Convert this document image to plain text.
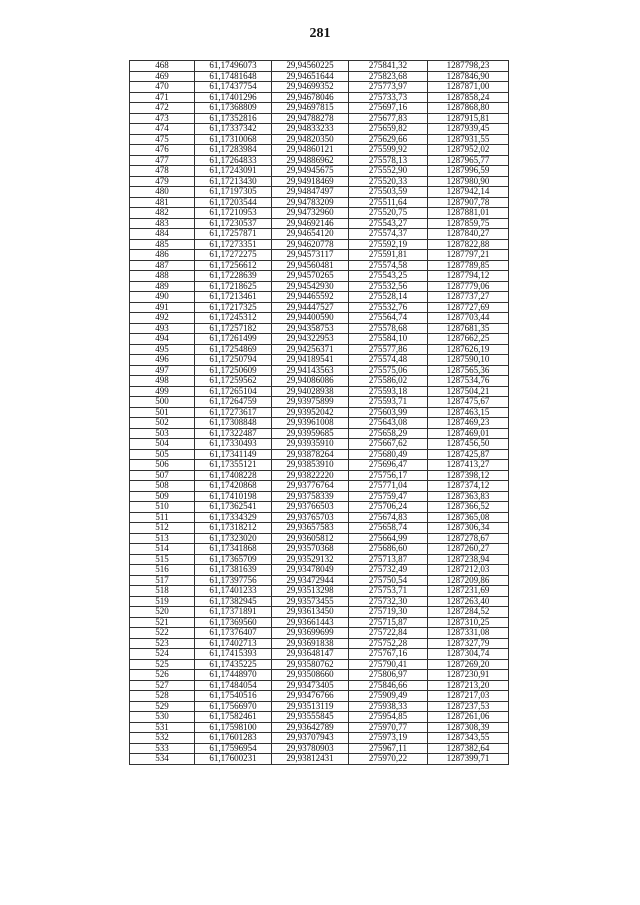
281
468	61,17496073	29,94560225	275841,32	1287798,23
469	61,17481648	29,94651644	275823,68	1287846,90
470	61,17437754	29,94699352	275773,97	1287871,00
471	61,17401296	29,94678046	275733,73	1287858,24
472	61,17368809	29,94697815	275697,16	1287868,80
473	61,17352816	29,94788278	275677,83	1287915,81
474	61,17337342	29,94833233	275659,82	1287939,45
475	61,17310068	29,94820350	275629,66	1287931,55
476	61,17283984	29,94860121	275599,92	1287952,02
477	61,17264833	29,94886962	275578,13	1287965,77
478	61,17243091	29,94945675	275552,90	1287996,59
479	61,17213430	29,94918469	275520,33	1287980,90
480	61,17197305	29,94847497	275503,59	1287942,14
481	61,17203544	29,94783209	275511,64	1287907,78
482	61,17210953	29,94732960	275520,75	1287881,01
483	61,17230537	29,94692146	275543,27	1287859,75
484	61,17257871	29,94654120	275574,37	1287840,27
485	61,17273351	29,94620778	275592,19	1287822,88
486	61,17272275	29,94573117	275591,81	1287797,21
487	61,17256612	29,94560481	275574,58	1287789,85
488	61,17228639	29,94570265	275543,25	1287794,12
489	61,17218625	29,94542930	275532,56	1287779,06
490	61,17213461	29,94465592	275528,14	1287737,27
491	61,17217325	29,94447527	275532,76	1287727,69
492	61,17245312	29,94400590	275564,74	1287703,44
493	61,17257182	29,94358753	275578,68	1287681,35
494	61,17261499	29,94322953	275584,10	1287662,25
495	61,17254869	29,94256371	275577,86	1287626,19
496	61,17250794	29,94189541	275574,48	1287590,10
497	61,17250609	29,94143563	275575,06	1287565,36
498	61,17259562	29,94086086	275586,02	1287534,76
499	61,17265104	29,94028938	275593,18	1287504,21
500	61,17264759	29,93975899	275593,71	1287475,67
501	61,17273617	29,93952042	275603,99	1287463,15
502	61,17308848	29,93961008	275643,08	1287469,23
503	61,17322487	29,93959685	275658,29	1287469,01
504	61,17330493	29,93935910	275667,62	1287456,50
505	61,17341149	29,93878264	275680,49	1287425,87
506	61,17355121	29,93853910	275696,47	1287413,27
507	61,17408228	29,93822220	275756,17	1287398,12
508	61,17420868	29,93776764	275771,04	1287374,12
509	61,17410198	29,93758339	275759,47	1287363,83
510	61,17362541	29,93766503	275706,24	1287366,52
511	61,17334329	29,93765703	275674,83	1287365,08
512	61,17318212	29,93657583	275658,74	1287306,34
513	61,17323020	29,93605812	275664,99	1287278,67
514	61,17341868	29,93570368	275686,60	1287260,27
515	61,17365709	29,93529132	275713,87	1287238,94
516	61,17381639	29,93478049	275732,49	1287212,03
517	61,17397756	29,93472944	275750,54	1287209,86
518	61,17401233	29,93513298	275753,71	1287231,69
519	61,17382945	29,93573455	275732,30	1287263,40
520	61,17371891	29,93613450	275719,30	1287284,52
521	61,17369560	29,93661443	275715,87	1287310,25
522	61,17376407	29,93699699	275722,84	1287331,08
523	61,17402713	29,93691838	275752,28	1287327,79
524	61,17415393	29,93648147	275767,16	1287304,74
525	61,17435225	29,93580762	275790,41	1287269,20
526	61,17448970	29,93508660	275806,97	1287230,91
527	61,17484054	29,93473405	275846,66	1287213,20
528	61,17540516	29,93476766	275909,49	1287217,03
529	61,17566970	29,93513119	275938,33	1287237,53
530	61,17582461	29,93555845	275954,85	1287261,06
531	61,17598100	29,93642789	275970,77	1287308,39
532	61,17601283	29,93707943	275973,19	1287343,55
533	61,17596954	29,93780903	275967,11	1287382,64
534	61,17600231	29,93812431	275970,22	1287399,71
